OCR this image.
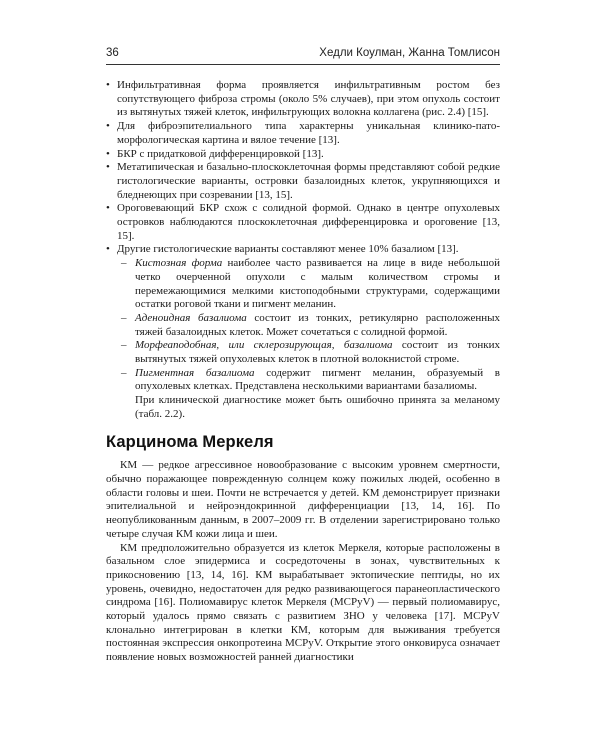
36	Хедли Коулман, Жанна Томлисон
• Инфильтративная форма проявляется инфильтративным ростом без сопутствующего фиброза стромы (около 5% случаев), при этом опухоль состоит из вытянутых тяжей клеток, инфильтрующих волокна коллагена (рис. 2.4) [15].
• Для фиброэпителиального типа характерны уникальная клинико-пато-морфологическая картина и вялое течение [13].
• БКР с придатковой дифференцировкой [13].
• Метатипическая и базально-плоскоклеточная формы представляют собой редкие гистологические варианты, островки базалоидных клеток, укрупняющихся и бледнеющих при созревании [13, 15].
• Ороговевающий БКР схож с солидной формой. Однако в центре опухолевых островков наблюдаются плоскоклеточная дифференцировка и ороговение [13, 15].
• Другие гистологические варианты составляют менее 10% базалиом [13].
– Кистозная форма наиболее часто развивается на лице в виде небольшой четко очерченной опухоли с малым количеством стромы и перемежающимися мелкими кистоподобными структурами, содержащими остатки роговой ткани и пигмент меланин.
– Аденоидная базалиома состоит из тонких, ретикулярно расположенных тяжей базалоидных клеток. Может сочетаться с солидной формой.
– Морфеаподобная, или склерозирующая, базалиома состоит из тонких вытянутых тяжей опухолевых клеток в плотной волокнистой строме.
– Пигментная базалиома содержит пигмент меланин, образуемый в опухолевых клетках. Представлена несколькими вариантами базалиомы.
При клинической диагностике может быть ошибочно принята за меланому (табл. 2.2).
Карцинома Меркеля

КМ — редкое агрессивное новообразование с высоким уровнем смертности, обычно поражающее поврежденную солнцем кожу пожилых людей, особенно в области головы и шеи. Почти не встречается у детей. КМ демонстрирует признаки эпителиальной и нейроэндокринной дифференциации [13, 14, 16]. По неопубликованным данным, в 2007–2009 гг. В отделении зарегистрировано только четыре случая КМ кожи лица и шеи.

КМ предположительно образуется из клеток Меркеля, которые расположены в базальном слое эпидермиса и сосредоточены в зонах, чувствительных к прикосновению [13, 14, 16]. КМ вырабатывает эктопические пептиды, но их уровень, очевидно, недостаточен для редко развивающегося паранеопластического синдрома [16]. Полиомавирус клеток Меркеля (MCPyV) — первый полиомавирус, который удалось прямо связать с развитием ЗНО у человека [17]. MCPyV клонально интегрирован в клетки КМ, которым для выживания требуется постоянная экспрессия онкопротеина MCPyV. Открытие этого онковируса означает появление новых возможностей ранней диагностики
